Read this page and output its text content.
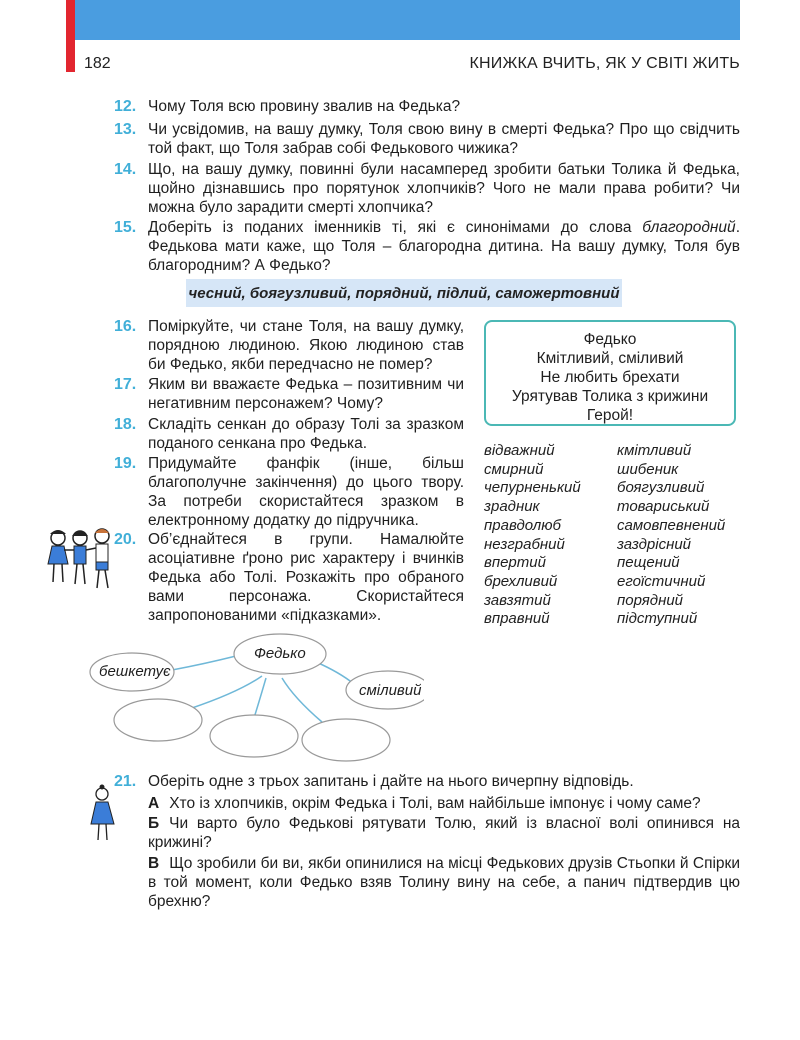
182	КНИЖКА ВЧИТЬ, ЯК У СВІТІ ЖИТЬ
12. Чому Толя всю провину звалив на Федька?
13. Чи усвідомив, на вашу думку, Толя свою вину в смерті Федька? Про що свідчить той факт, що Толя забрав собі Федькового чижика?
14. Що, на вашу думку, повинні були насамперед зробити батьки Толика й Федька, щойно дізнавшись про порятунок хлопчиків? Чого не мали права робити? Чи можна було зарадити смерті хлопчика?
15. Доберіть із поданих іменників ті, які є синонімами до слова благородний. Федькова мати каже, що Толя – благородна дитина. На вашу думку, Толя був благородним? А Федько?
чесний, боягузливий, порядний, підлий, саможертовний
16. Поміркуйте, чи стане Толя, на вашу думку, порядною людиною. Якою людиною став би Федько, якби передчасно не помер?
17. Яким ви вважаєте Федька – позитивним чи негативним персонажем? Чому?
18. Складіть сенкан до образу Толі за зразком поданого сенкана про Федька.
19. Придумайте фанфік (інше, більш благополучне закінчення) до цього твору. За потреби скористайтеся зразком в електронному додатку до підручника.
20. Об’єднайтеся в групи. Намалюйте асоціативне ґроно рис характеру і вчинків Федька або Толі. Розкажіть про обраного вами персонажа. Скористайтеся запропонованими «підказками».
Федько
Кмітливий, сміливий
Не любить брехати
Урятував Толика з крижини
Герой!
відважний
смирний
чепурненький
зрадник
правдолюб
незграбний
впертий
брехливий
завзятий
вправний
кмітливий
шибеник
боягузливий
товариський
самовпевнений
заздрісний
пещений
егоїстичний
порядний
підступний
Федько
бешкетує
сміливий
21. Оберіть одне з трьох запитань і дайте на нього вичерпну відповідь.
А Хто із хлопчиків, окрім Федька і Толі, вам найбільше імпонує і чому саме?
Б Чи варто було Федькові рятувати Толю, який із власної волі опинився на крижині?
В Що зробили би ви, якби опинилися на місці Федькових друзів Стьопки й Спірки в той момент, коли Федько взяв Толину вину на себе, а панич підтвердив цю брехню?
